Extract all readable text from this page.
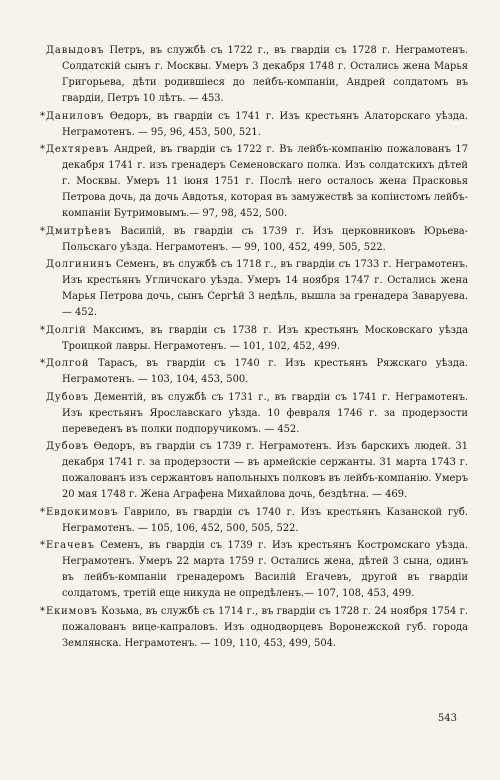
Давыдовъ Петръ, въ службѣ съ 1722 г., въ гвардіи съ 1728 г. Неграмотенъ. Солдатскій сынъ г. Москвы. Умеръ 3 декабря 1748 г. Остались жена Марья Григорьева, дѣти родившіеся до лейбъ-компаніи, Андрей солдатомъ въ гвардіи, Петръ 10 лѣтъ. — 453.

*Даниловъ Ѳедоръ, въ гвардіи съ 1741 г. Изъ крестьянъ Алаторскаго уѣзда. Неграмотенъ. — 95, 96, 453, 500, 521.

*Дехтяревъ Андрей, въ гвардіи съ 1722 г. Въ лейбъ-компанію пожалованъ 17 декабря 1741 г. изъ гренадеръ Семеновскаго полка. Изъ солдатскихъ дѣтей г. Москвы. Умеръ 11 іюня 1751 г. Послѣ него осталось жена Прасковья Петрова дочь, да дочь Авдотья, которая въ замужествѣ за копіистомъ лейбъ-компаніи Бутримовымъ.— 97, 98, 452, 500.

*Дмитрѣевъ Василій, въ гвардіи съ 1739 г. Изъ церковниковъ Юрьева-Польскаго уѣзда. Неграмотенъ. — 99, 100, 452, 499, 505, 522.

Долгининъ Семенъ, въ службѣ съ 1718 г., въ гвардіи съ 1733 г. Неграмотенъ. Изъ крестьянъ Угличскаго уѣзда. Умеръ 14 ноября 1747 г. Остались жена Марья Петрова дочь, сынъ Сергѣй 3 недѣль, вышла за гренадера Заваруева. — 452.

*Долгій Максимъ, въ гвардіи съ 1738 г. Изъ крестьянъ Московскаго уѣзда Троицкой лавры. Неграмотенъ. — 101, 102, 452, 499.

*Долгой Тарасъ, въ гвардіи съ 1740 г. Изъ крестьянъ Ряжскаго уѣзда. Неграмотенъ. — 103, 104, 453, 500.

Дубовъ Дементій, въ службѣ съ 1731 г., въ гвардіи съ 1741 г. Неграмотенъ. Изъ крестьянъ Ярославскаго уѣзда. 10 февраля 1746 г. за продерзости переведенъ въ полки подпоручикомъ. — 452.

Дубовъ Ѳедоръ, въ гвардіи съ 1739 г. Неграмотенъ. Изъ барскихъ людей. 31 декабря 1741 г. за продерзости — въ армейскіе сержанты. 31 марта 1743 г. пожалованъ изъ сержантовъ напольныхъ полковъ въ лейбъ-компанію. Умеръ 20 мая 1748 г. Жена Аграфена Михайлова дочь, бездѣтна. — 469.

*Евдокимовъ Гаврило, въ гвардіи съ 1740 г. Изъ крестьянъ Казанской губ. Неграмотенъ. — 105, 106, 452, 500, 505, 522.

*Егачевъ Семенъ, въ гвардіи съ 1739 г. Изъ крестьянъ Костромскаго уѣзда. Неграмотенъ. Умеръ 22 марта 1759 г. Остались жена, дѣтей 3 сына, одинъ въ лейбъ-компаніи гренадеромъ Василій Егачевъ, другой въ гвардіи солдатомъ, третій еще никуда не опредѣленъ.— 107, 108, 453, 499.

*Екимовъ Козьма, въ службѣ съ 1714 г., въ гвардіи съ 1728 г. 24 ноября 1754 г. пожалованъ вице-капраловъ. Изъ однодворцевъ Воронежской губ. города Землянска. Неграмотенъ. — 109, 110, 453, 499, 504.

543
